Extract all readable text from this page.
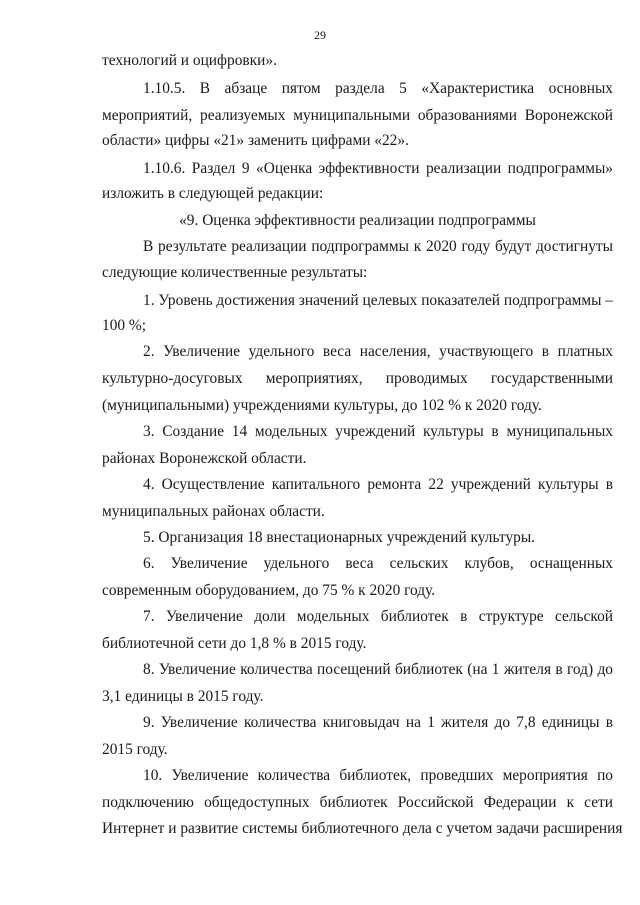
29
технологий и оцифровки».
1.10.5. В абзаце пятом раздела 5 «Характеристика основных
мероприятий, реализуемых муниципальными образованиями Воронежской
области» цифры «21» заменить цифрами «22».
1.10.6. Раздел 9 «Оценка эффективности реализации подпрограммы»
изложить в следующей редакции:
«9. Оценка эффективности реализации подпрограммы
В результате реализации подпрограммы к 2020 году будут достигнуты
следующие количественные результаты:
1. Уровень достижения значений целевых показателей подпрограммы –
100 %;
2. Увеличение удельного веса населения, участвующего в платных
культурно-досуговых мероприятиях, проводимых государственными
(муниципальными) учреждениями культуры, до 102 % к 2020 году.
3. Создание 14 модельных учреждений культуры в муниципальных
районах Воронежской области.
4. Осуществление капитального ремонта 22 учреждений культуры в
муниципальных районах области.
5. Организация 18 внестационарных учреждений культуры.
6. Увеличение удельного веса сельских клубов, оснащенных
современным оборудованием, до 75 % к 2020 году.
7. Увеличение доли модельных библиотек в структуре сельской
библиотечной сети до 1,8 % в 2015 году.
8. Увеличение количества посещений библиотек (на 1 жителя в год) до
3,1 единицы в 2015 году.
9. Увеличение количества книговыдач на 1 жителя до 7,8 единицы в
2015 году.
10. Увеличение количества библиотек, проведших мероприятия по
подключению общедоступных библиотек Российской Федерации к сети
Интернет и развитие системы библиотечного дела с учетом задачи расширения
